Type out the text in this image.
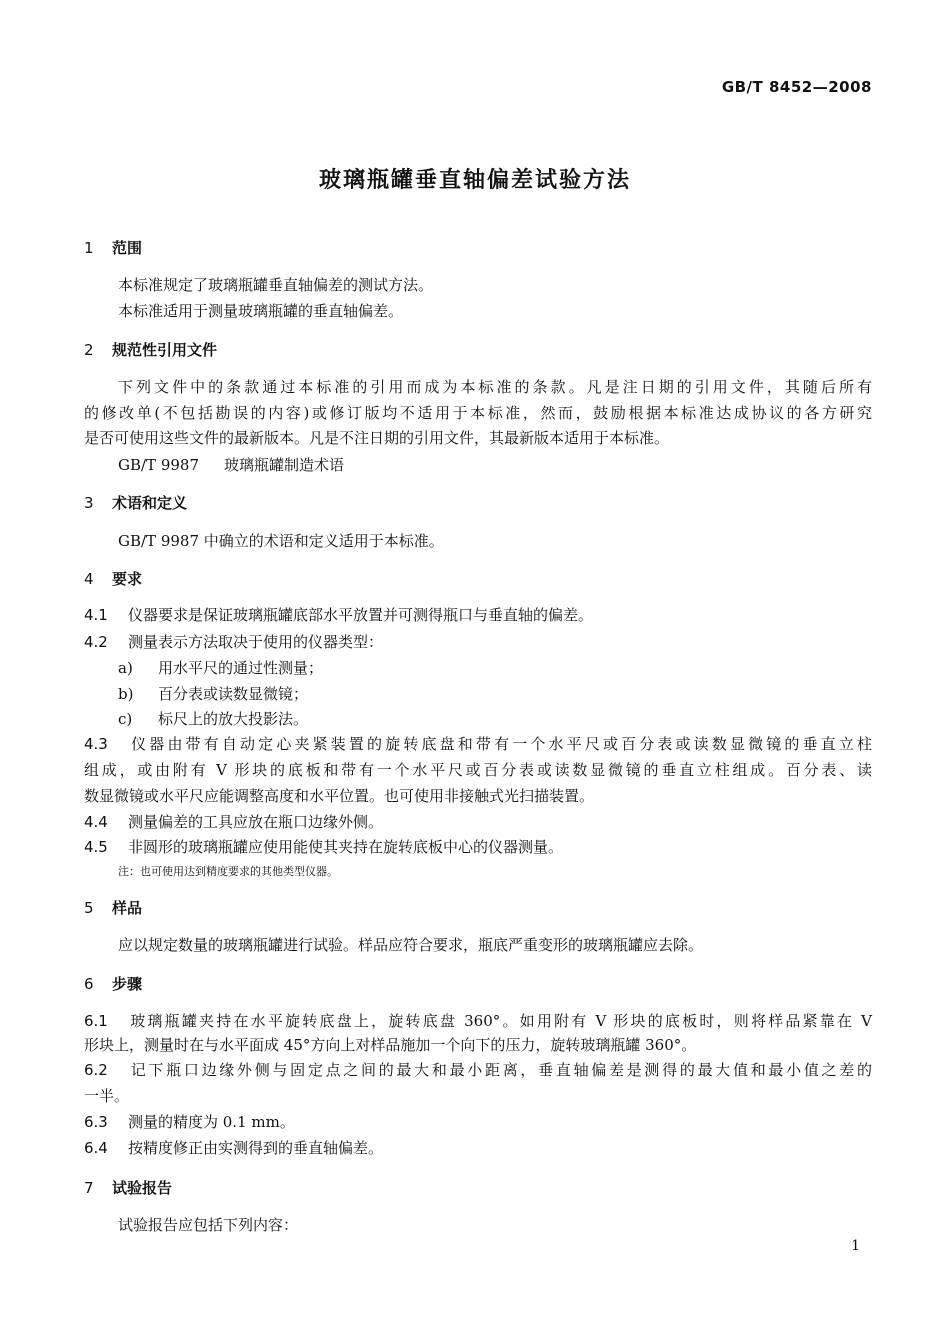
GB/T 8452—2008
玻璃瓶罐垂直轴偏差试验方法
1 范围
本标准规定了玻璃瓶罐垂直轴偏差的测试方法。
本标准适用于测量玻璃瓶罐的垂直轴偏差。
2 规范性引用文件
下列文件中的条款通过本标准的引用而成为本标准的条款。凡是注日期的引用文件，其随后所有
的修改单(不包括勘误的内容)或修订版均不适用于本标准，然而，鼓励根据本标准达成协议的各方研究
是否可使用这些文件的最新版本。凡是不注日期的引用文件，其最新版本适用于本标准。
GB/T 9987 玻璃瓶罐制造术语
3 术语和定义
GB/T 9987 中确立的术语和定义适用于本标准。
4 要求
4.1 仪器要求是保证玻璃瓶罐底部水平放置并可测得瓶口与垂直轴的偏差。
4.2 测量表示方法取决于使用的仪器类型：
a) 用水平尺的通过性测量；
b) 百分表或读数显微镜；
c) 标尺上的放大投影法。
4.3 仪器由带有自动定心夹紧装置的旋转底盘和带有一个水平尺或百分表或读数显微镜的垂直立柱
组成，或由附有 V 形块的底板和带有一个水平尺或百分表或读数显微镜的垂直立柱组成。百分表、读
数显微镜或水平尺应能调整高度和水平位置。也可使用非接触式光扫描装置。
4.4 测量偏差的工具应放在瓶口边缘外侧。
4.5 非圆形的玻璃瓶罐应使用能使其夹持在旋转底板中心的仪器测量。
注：也可使用达到精度要求的其他类型仪器。
5 样品
应以规定数量的玻璃瓶罐进行试验。样品应符合要求，瓶底严重变形的玻璃瓶罐应去除。
6 步骤
6.1 玻璃瓶罐夹持在水平旋转底盘上，旋转底盘 360°。如用附有 V 形块的底板时，则将样品紧靠在 V
形块上，测量时在与水平面成 45°方向上对样品施加一个向下的压力，旋转玻璃瓶罐 360°。
6.2 记下瓶口边缘外侧与固定点之间的最大和最小距离，垂直轴偏差是测得的最大值和最小值之差的
一半。
6.3 测量的精度为 0.1 mm。
6.4 按精度修正由实测得到的垂直轴偏差。
7 试验报告
试验报告应包括下列内容：
1
